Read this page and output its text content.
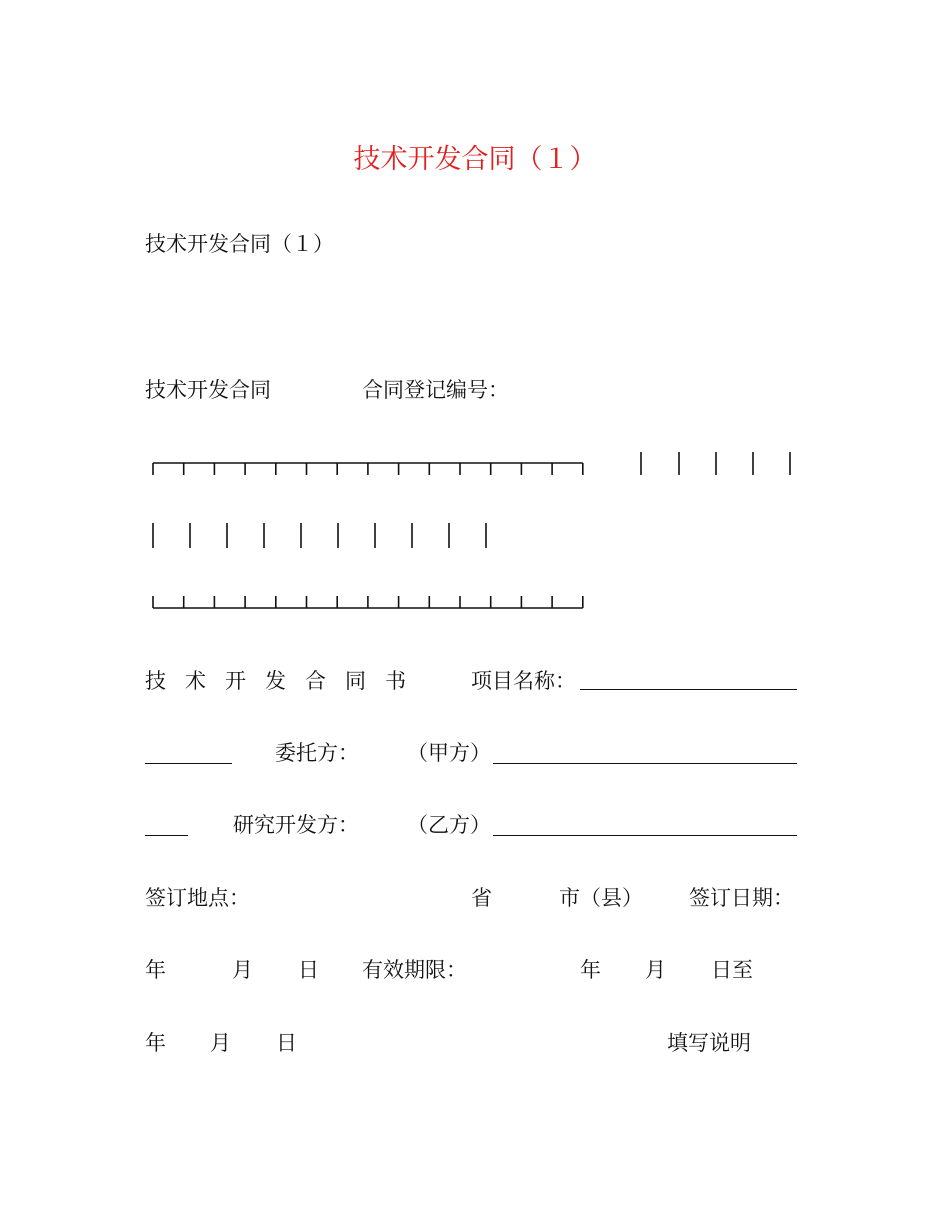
技术开发合同（１）
技术开发合同（１）
技术开发合同	合同登记编号：
技术开发合同书 项目名称：
委托方： （甲方）
研究开发方： （乙方）
签订地点：	省	市（县） 签订日期：
年	月 日 有效期限：	年 月 日至
年 月 日	填写说明
